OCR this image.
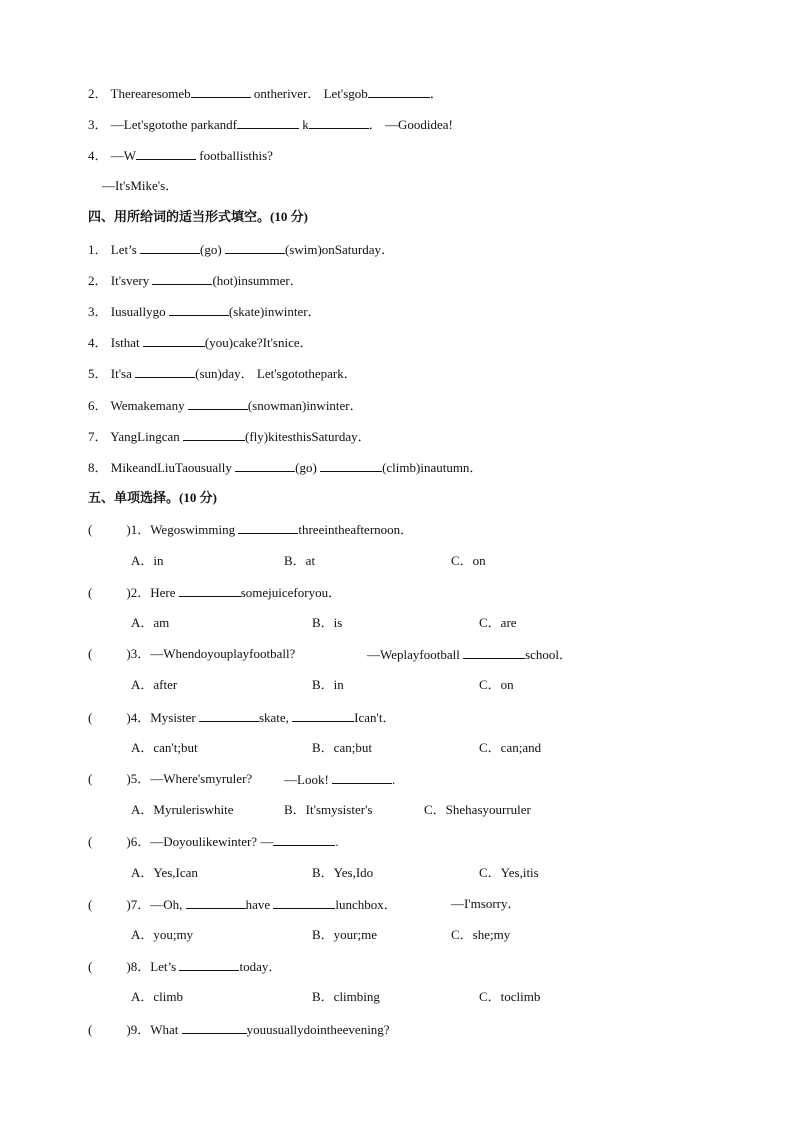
2． Therearesomeb	ontheriver． Let'sgob	．
3． —Let'sgotothe parkandf	k	． —Goodidea!
4． —W	footballisthis?
—It'sMike's．
四、用所给词的适当形式填空。(10 分)
1． Let’s	(go)	(swim)onSaturday．
2． It'svery	(hot)insummer．
3． Iusuallygo	(skate)inwinter．
4． Isthat	(you)cake?It'snice．
5． It'sa	(sun)day． Let'sgotothepark．
6． Wemakemany	(snowman)inwinter．
7． YangLingcan	(fly)kitesthisSaturday．
8． MikeandLiuTaousually	(go)	(climb)inautumn．
五、单项选择。(10 分)
(	)1．Wegoswimming	threeintheafternoon．
A．in	B．at	C．on
(	)2．Here	somejuiceforyou．
A．am	B．is	C．are
(	)3．—Whendoyouplayfootball?	—Weplayfootball	school．
A．after	B．in	C．on
(	)4．Mysister	skate,	Ican't．
A．can't;but	B．can;but	C．can;and
(	)5．—Where'smyruler? —Look!	.
A．Myruleriswhite	B．It'smysister's	C．Shehasyourruler
(	)6．—Doyoulikewinter? —	.
A．Yes,Ican	B．Yes,Ido	C．Yes,itis
(	)7．—Oh,	have	lunchbox．	—I'msorry．
A．you;my	B．your;me	C．she;my
(	)8．Let’s	today．
A．climb	B．climbing	C．toclimb
(	)9．What	youusuallydointheevening?
